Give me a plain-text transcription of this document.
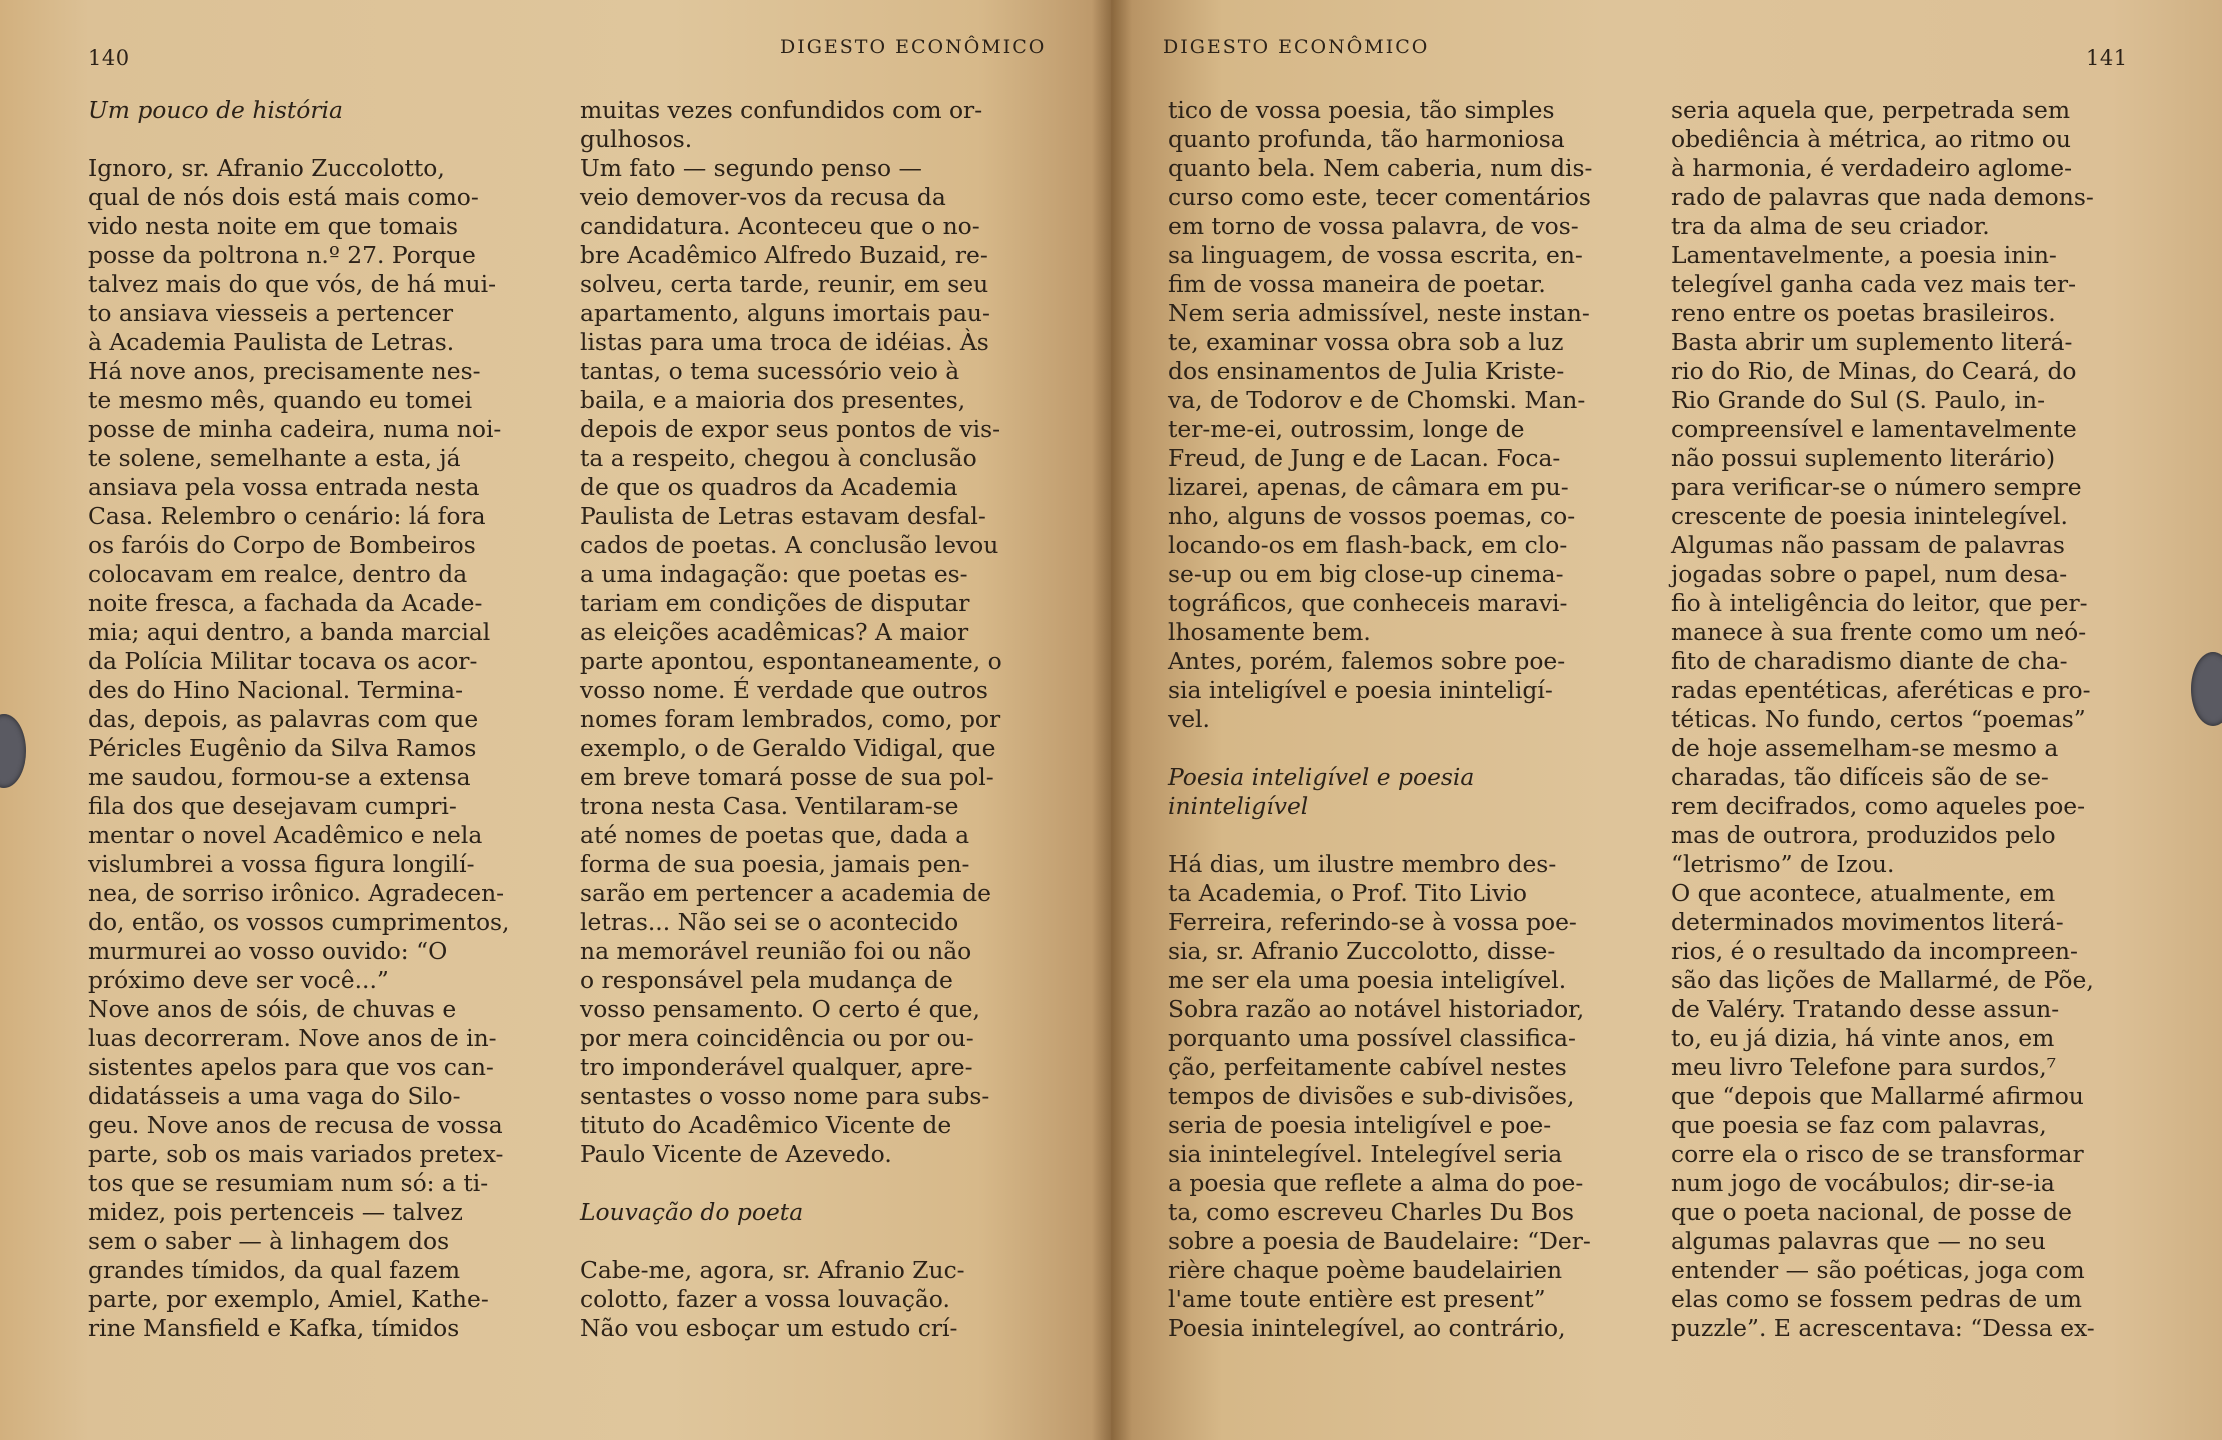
140	DIGESTO ECONÔMICO
Um pouco de história
Ignoro, sr. Afranio Zuccolotto,
qual de nós dois está mais como-
vido nesta noite em que tomais
posse da poltrona n.º 27. Porque
talvez mais do que vós, de há mui-
to ansiava viesseis a pertencer
à Academia Paulista de Letras.
Há nove anos, precisamente nes-
te mesmo mês, quando eu tomei
posse de minha cadeira, numa noi-
te solene, semelhante a esta, já
ansiava pela vossa entrada nesta
Casa. Relembro o cenário: lá fora
os faróis do Corpo de Bombeiros
colocavam em realce, dentro da
noite fresca, a fachada da Acade-
mia; aqui dentro, a banda marcial
da Polícia Militar tocava os acor-
des do Hino Nacional. Termina-
das, depois, as palavras com que
Péricles Eugênio da Silva Ramos
me saudou, formou-se a extensa
fila dos que desejavam cumpri-
mentar o novel Acadêmico e nela
vislumbrei a vossa figura longilí-
nea, de sorriso irônico. Agradecen-
do, então, os vossos cumprimentos,
murmurei ao vosso ouvido: “O
próximo deve ser você...”
Nove anos de sóis, de chuvas e
luas decorreram. Nove anos de in-
sistentes apelos para que vos can-
didatásseis a uma vaga do Silo-
geu. Nove anos de recusa de vossa
parte, sob os mais variados pretex-
tos que se resumiam num só: a ti-
midez, pois pertenceis — talvez
sem o saber — à linhagem dos
grandes tímidos, da qual fazem
parte, por exemplo, Amiel, Kathe-
rine Mansfield e Kafka, tímidos
muitas vezes confundidos com or-
gulhosos.
Um fato — segundo penso —
veio demover-vos da recusa da
candidatura. Aconteceu que o no-
bre Acadêmico Alfredo Buzaid, re-
solveu, certa tarde, reunir, em seu
apartamento, alguns imortais pau-
listas para uma troca de idéias. Às
tantas, o tema sucessório veio à
baila, e a maioria dos presentes,
depois de expor seus pontos de vis-
ta a respeito, chegou à conclusão
de que os quadros da Academia
Paulista de Letras estavam desfal-
cados de poetas. A conclusão levou
a uma indagação: que poetas es-
tariam em condições de disputar
as eleições acadêmicas? A maior
parte apontou, espontaneamente, o
vosso nome. É verdade que outros
nomes foram lembrados, como, por
exemplo, o de Geraldo Vidigal, que
em breve tomará posse de sua pol-
trona nesta Casa. Ventilaram-se
até nomes de poetas que, dada a
forma de sua poesia, jamais pen-
sarão em pertencer a academia de
letras... Não sei se o acontecido
na memorável reunião foi ou não
o responsável pela mudança de
vosso pensamento. O certo é que,
por mera coincidência ou por ou-
tro imponderável qualquer, apre-
sentastes o vosso nome para subs-
tituto do Acadêmico Vicente de
Paulo Vicente de Azevedo.
Louvação do poeta
Cabe-me, agora, sr. Afranio Zuc-
colotto, fazer a vossa louvação.
Não vou esboçar um estudo crí-
141
DIGESTO ECONÔMICO
tico de vossa poesia, tão simples
quanto profunda, tão harmoniosa
quanto bela. Nem caberia, num dis-
curso como este, tecer comentários
em torno de vossa palavra, de vos-
sa linguagem, de vossa escrita, en-
fim de vossa maneira de poetar.
Nem seria admissível, neste instan-
te, examinar vossa obra sob a luz
dos ensinamentos de Julia Kriste-
va, de Todorov e de Chomski. Man-
ter-me-ei, outrossim, longe de
Freud, de Jung e de Lacan. Foca-
lizarei, apenas, de câmara em pu-
nho, alguns de vossos poemas, co-
locando-os em flash-back, em clo-
se-up ou em big close-up cinema-
tográficos, que conheceis maravi-
lhosamente bem.
Antes, porém, falemos sobre poe-
sia inteligível e poesia ininteligí-
vel.
Poesia inteligível e poesia
ininteligível
Há dias, um ilustre membro des-
ta Academia, o Prof. Tito Livio
Ferreira, referindo-se à vossa poe-
sia, sr. Afranio Zuccolotto, disse-
me ser ela uma poesia inteligível.
Sobra razão ao notável historiador,
porquanto uma possível classifica-
ção, perfeitamente cabível nestes
tempos de divisões e sub-divisões,
seria de poesia inteligível e poe-
sia inintelegível. Intelegível seria
a poesia que reflete a alma do poe-
ta, como escreveu Charles Du Bos
sobre a poesia de Baudelaire: “Der-
rière chaque poème baudelairien
l'ame toute entière est present”
Poesia inintelegível, ao contrário,
seria aquela que, perpetrada sem
obediência à métrica, ao ritmo ou
à harmonia, é verdadeiro aglome-
rado de palavras que nada demons-
tra da alma de seu criador.
Lamentavelmente, a poesia inin-
telegível ganha cada vez mais ter-
reno entre os poetas brasileiros.
Basta abrir um suplemento literá-
rio do Rio, de Minas, do Ceará, do
Rio Grande do Sul (S. Paulo, in-
compreensível e lamentavelmente
não possui suplemento literário)
para verificar-se o número sempre
crescente de poesia inintelegível.
Algumas não passam de palavras
jogadas sobre o papel, num desa-
fio à inteligência do leitor, que per-
manece à sua frente como um neó-
fito de charadismo diante de cha-
radas epentéticas, aferéticas e pro-
téticas. No fundo, certos “poemas”
de hoje assemelham-se mesmo a
charadas, tão difíceis são de se-
rem decifrados, como aqueles poe-
mas de outrora, produzidos pelo
“letrismo” de Izou.
O que acontece, atualmente, em
determinados movimentos literá-
rios, é o resultado da incompreen-
são das lições de Mallarmé, de Põe,
de Valéry. Tratando desse assun-
to, eu já dizia, há vinte anos, em
meu livro Telefone para surdos,⁷
que “depois que Mallarmé afirmou
que poesia se faz com palavras,
corre ela o risco de se transformar
num jogo de vocábulos; dir-se-ia
que o poeta nacional, de posse de
algumas palavras que — no seu
entender — são poéticas, joga com
elas como se fossem pedras de um
puzzle”. E acrescentava: “Dessa ex-
